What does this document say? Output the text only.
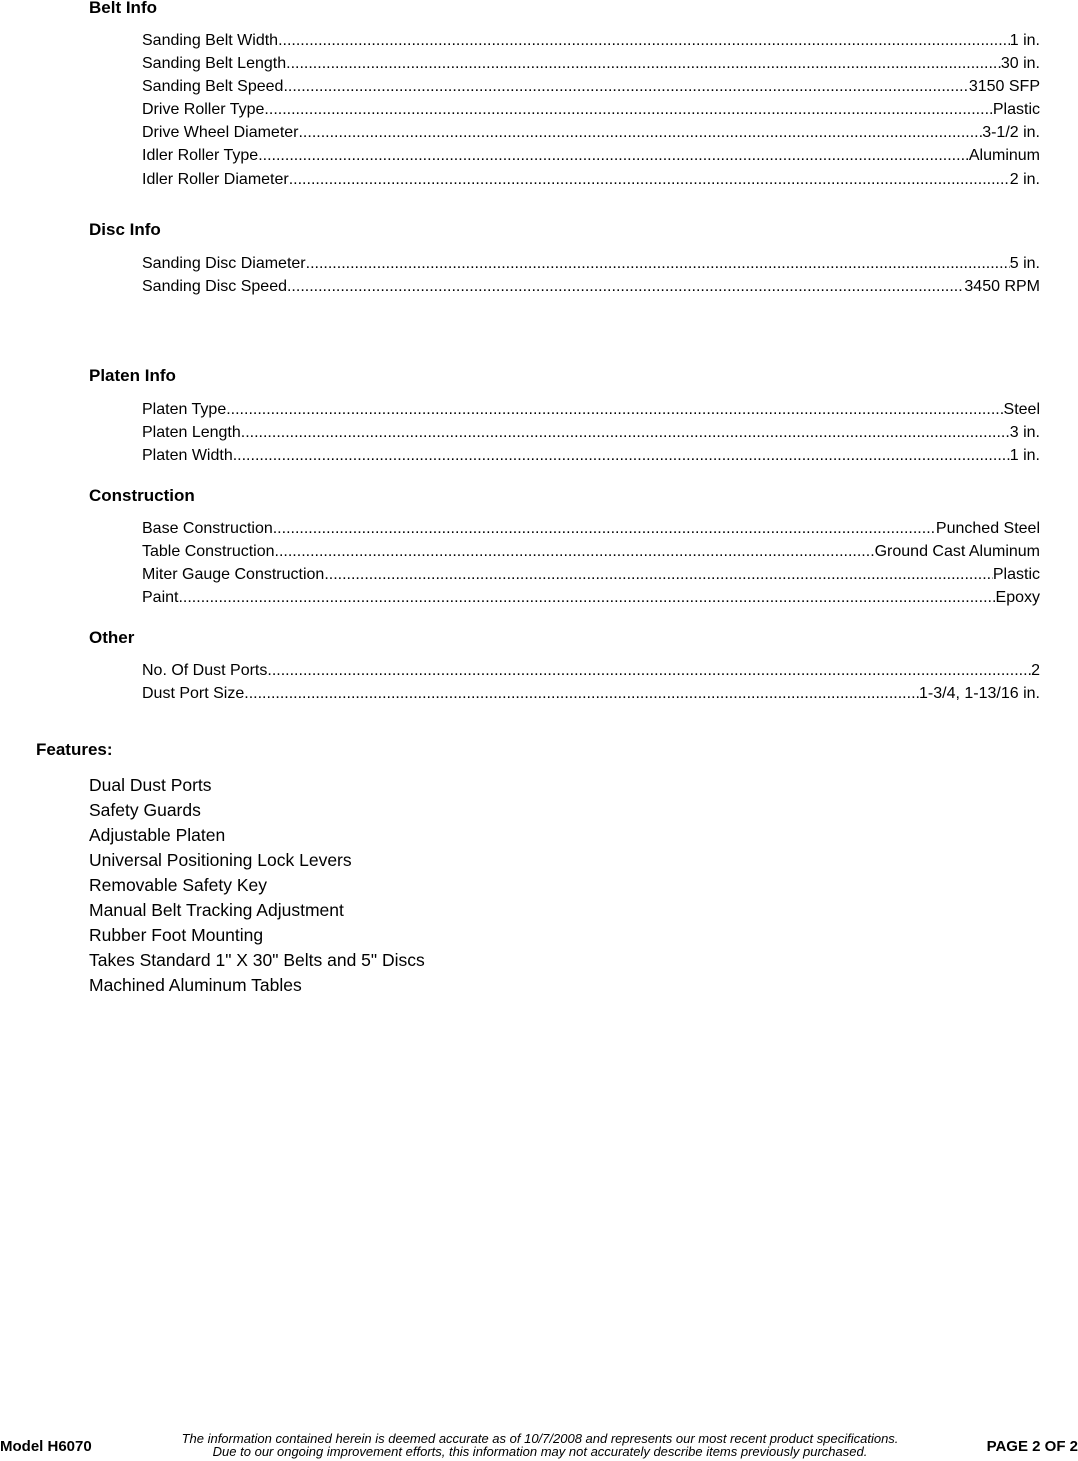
Belt Info
Sanding Belt Width .....	1 in.
Sanding Belt Length .....	30 in.
Sanding Belt Speed .....	3150 SFP
Drive Roller Type .....	Plastic
Drive Wheel Diameter .....	3-1/2 in.
Idler Roller Type .....	Aluminum
Idler Roller Diameter .....	2 in.
Disc Info
Sanding Disc Diameter .....	5 in.
Sanding Disc Speed .....	3450 RPM
Platen Info
Platen Type .....	Steel
Platen Length .....	3 in.
Platen Width .....	1 in.
Construction
Base Construction .....	Punched Steel
Table Construction .....	Ground Cast Aluminum
Miter Gauge Construction .....	Plastic
Paint .....	Epoxy
Other
No. Of Dust Ports .....	2
Dust Port Size .....	1-3/4, 1-13/16 in.
Features:
Dual Dust Ports
Safety Guards
Adjustable Platen
Universal Positioning Lock Levers
Removable Safety Key
Manual Belt Tracking Adjustment
Rubber Foot Mounting
Takes Standard 1" X 30" Belts and 5" Discs
Machined Aluminum Tables
Model H6070	The information contained herein is deemed accurate as of 10/7/2008 and represents our most recent product specifications.
Due to our ongoing improvement efforts, this information may not accurately describe items previously purchased.	PAGE 2 OF 2
